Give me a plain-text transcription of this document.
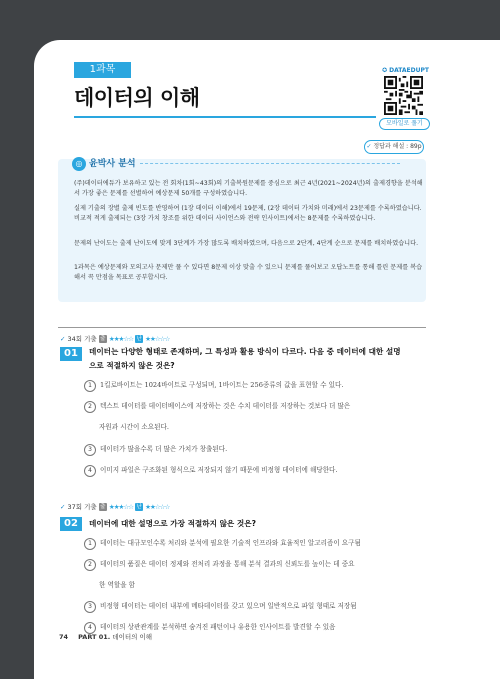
1과목
데이터의 이해
✪ DATAEDUPT
모바일로 풀기
✓ 정답과 해설 : 89p
◎ 윤박사 분석
(주)데이터에듀가 보유하고 있는 전 회차(1회~43회)의 기출복원문제를 중심으로 최근 4년(2021~2024년)의 출제경향을 분석해서 가장 좋은 문제를 선별하여 예상문제 50개를 구성하였습니다.
실제 기출의 장별 출제 빈도를 반영하여 (1장 데이터 이해)에서 19문제, (2장 데이터 가치와 미래)에서 23문제를 수록하였습니다. 비교적 적게 출제되는 (3장 가치 창조를 위한 데이터 사이언스와 전략 인사이트)에서는 8문제를 수록하였습니다.
문제의 난이도는 출제 난이도에 맞게 3단계가 가장 많도록 배치하였으며, 다음으로 2단계, 4단계 순으로 문제를 배치하였습니다.
1과목은 예상문제와 모의고사 문제만 풀 수 있다면 8문제 이상 맞출 수 있으니 문제를 풀어보고 오답노트를 통해 틀린 문제를 복습해서 꼭 만점을 목표로 공부합시다.
✓ 34회 기출 출 ★★★☆☆ 난 ★★☆☆☆
01	데이터는 다양한 형태로 존재하며, 그 특성과 활용 방식이 다르다. 다음 중 데이터에 대한 설명
으로 적절하지 않은 것은?
1 1킬로바이트는 1024바이트로 구성되며, 1바이트는 256종류의 값을 표현할 수 있다.
2 텍스트 데이터를 데이터베이스에 저장하는 것은 수치 데이터를 저장하는 것보다 더 많은
자원과 시간이 소요된다.
3 데이터가 많을수록 더 많은 가치가 창출된다.
4 이미지 파일은 구조화된 형식으로 저장되지 않기 때문에 비정형 데이터에 해당한다.
✓ 37회 기출 출 ★★★☆☆ 난 ★★☆☆☆
02	데이터에 대한 설명으로 가장 적절하지 않은 것은?
1 데이터는 대규모인수록 처리와 분석에 필요한 기술적 인프라와 효율적인 알고리즘이 요구됨
2 데이터의 품질은 데이터 정제와 전처리 과정을 통해 분석 결과의 신뢰도를 높이는 데 중요
한 역할을 함
3 비정형 데이터는 데이터 내부에 메타데이터를 갖고 있으며 일반적으로 파일 형태로 저장됨
4 데이터의 상관관계를 분석하면 숨겨진 패턴이나 유용한 인사이트를 발견할 수 있음
74 PART 01. 데이터의 이해
